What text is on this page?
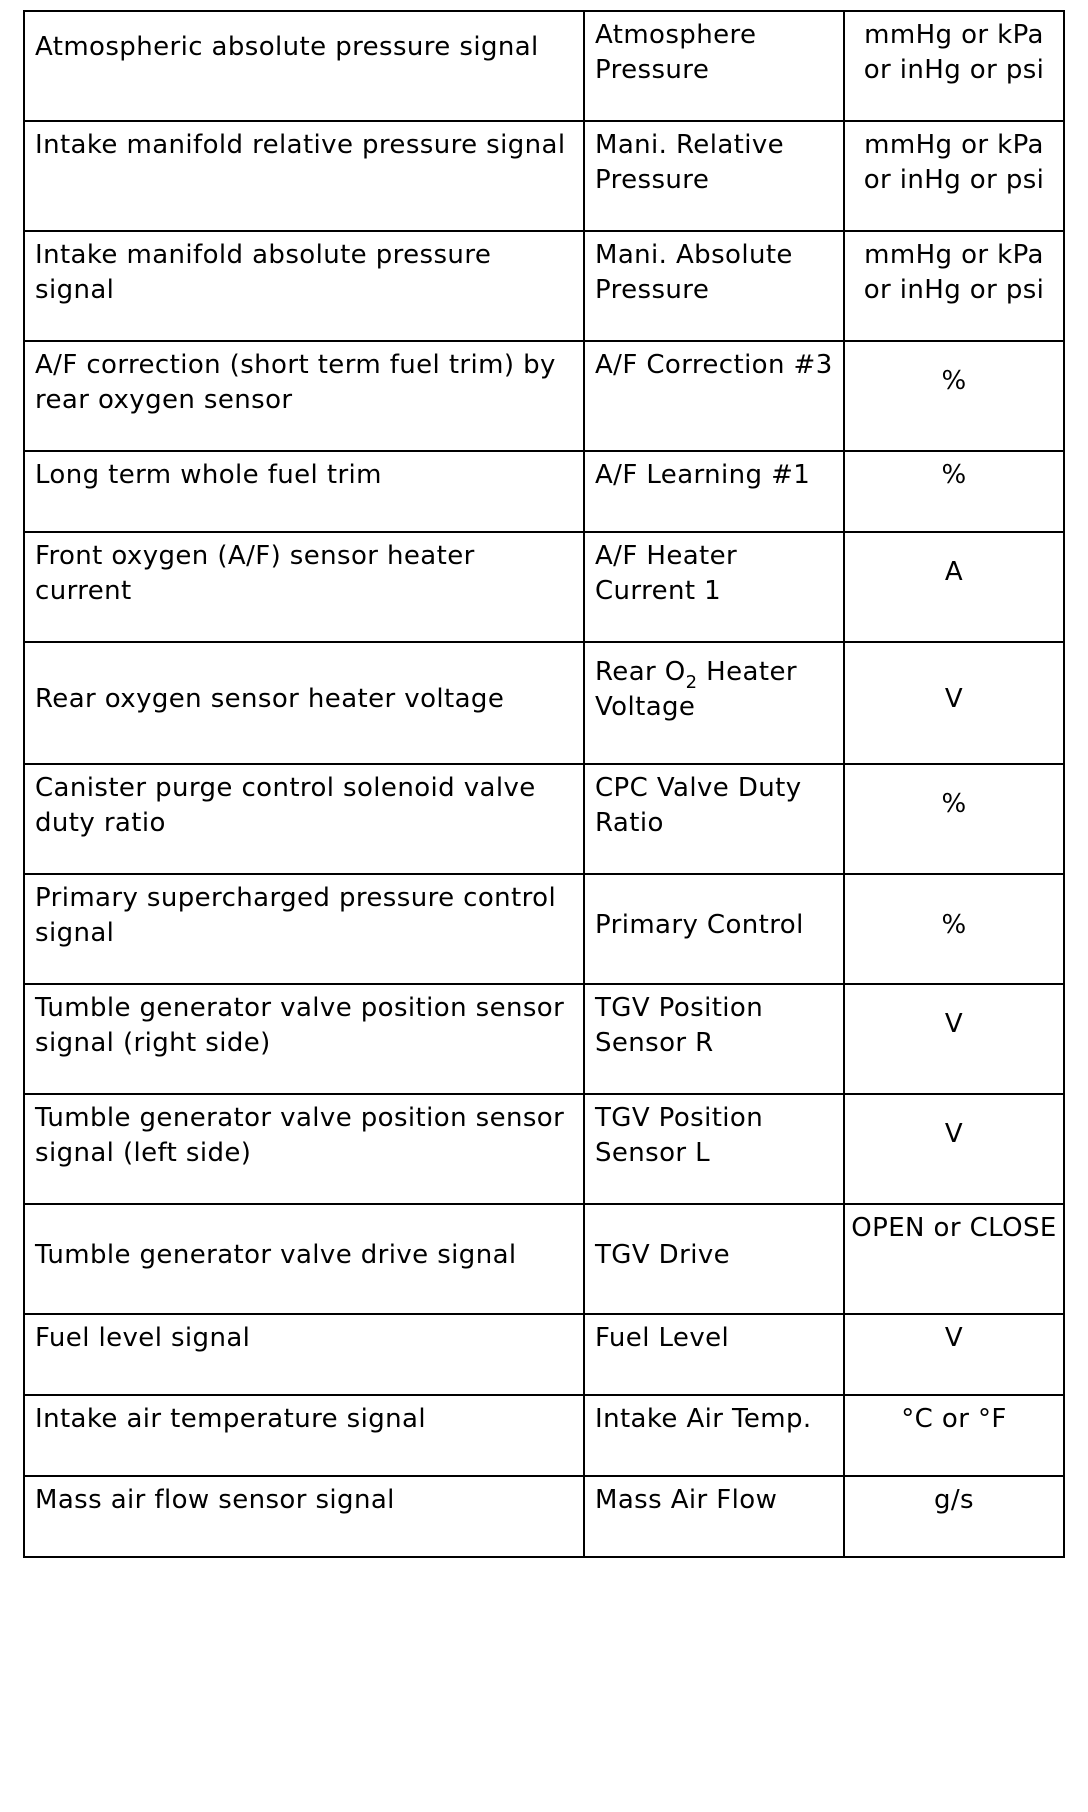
Atmospheric absolute pressure signal	Atmosphere Pressure	mmHg or kPa or inHg or psi
Intake manifold relative pressure signal	Mani. Relative Pressure	mmHg or kPa or inHg or psi
Intake manifold absolute pressure signal	Mani. Absolute Pressure	mmHg or kPa or inHg or psi
A/F correction (short term fuel trim) by rear oxygen sensor	A/F Correction #3	%
Long term whole fuel trim	A/F Learning #1	%
Front oxygen (A/F) sensor heater current	A/F Heater Current 1	A
Rear oxygen sensor heater voltage	Rear $O_2$ Heater Voltage	V
Canister purge control solenoid valve duty ratio	CPC Valve Duty Ratio	%
Primary supercharged pressure control signal	Primary Control	%
Tumble generator valve position sensor signal (right side)	TGV Position Sensor R	V
Tumble generator valve position sensor signal (left side)	TGV Position Sensor L	V
Tumble generator valve drive signal	TGV Drive	OPEN or CLOSE
Fuel level signal	Fuel Level	V
Intake air temperature signal	Intake Air Temp.	°C or °F
Mass air flow sensor signal	Mass Air Flow	g/s
